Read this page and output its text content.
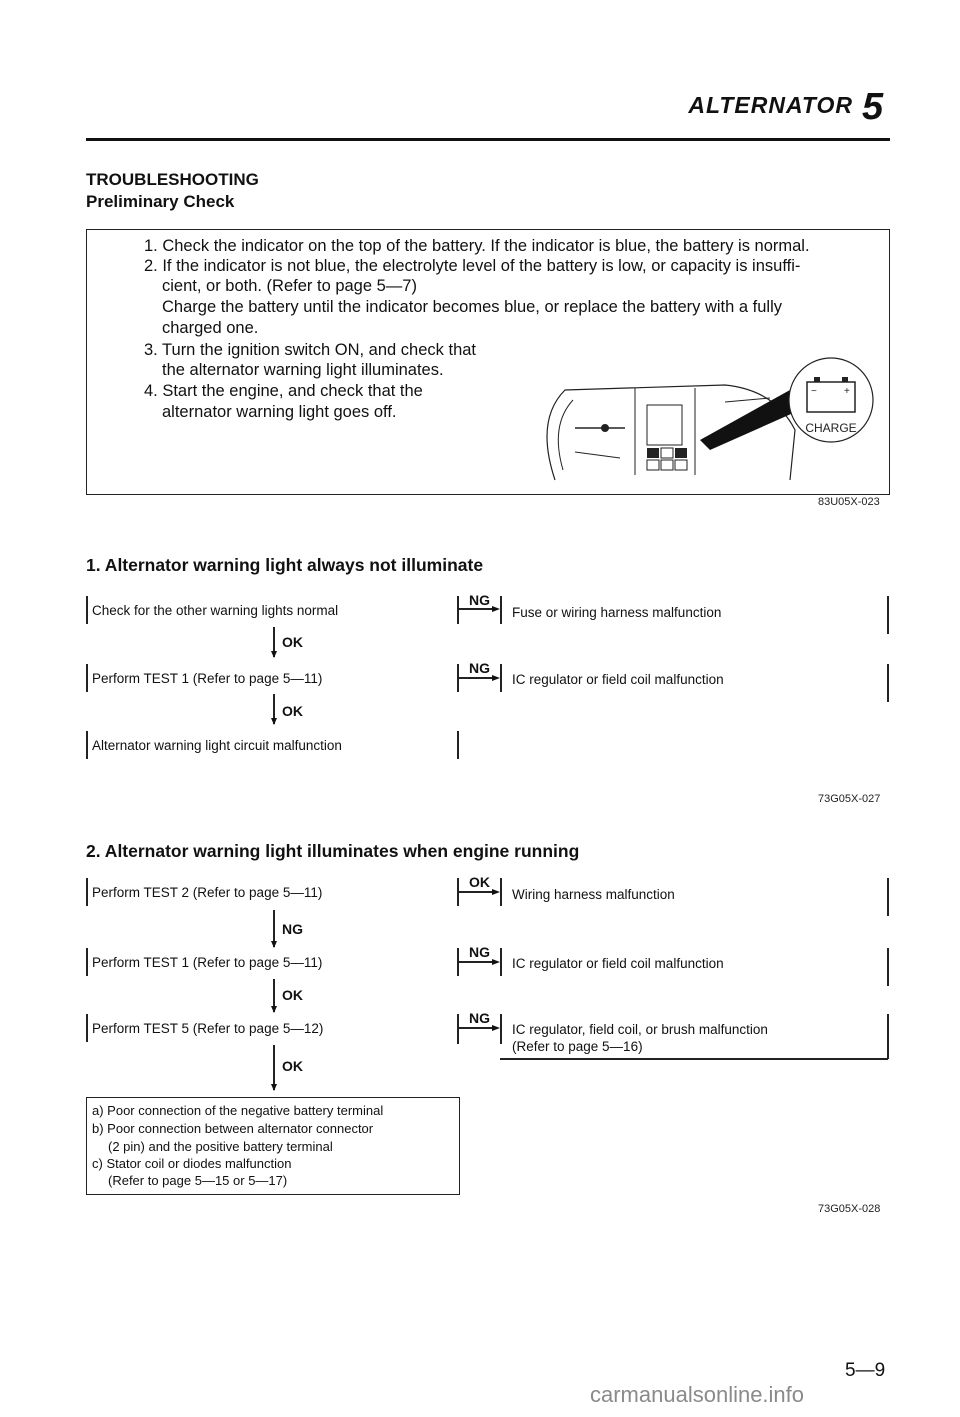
ALTERNATOR 5
TROUBLESHOOTING
Preliminary Check
1. Check the indicator on the top of the battery. If the indicator is blue, the battery is normal.
2. If the indicator is not blue, the electrolyte level of the battery is low, or capacity is insuffi-
cient, or both. (Refer to page 5—7)
Charge the battery until the indicator becomes blue, or replace the battery with a fully
charged one.
3. Turn the ignition switch ON, and check that
the alternator warning light illuminates.
4. Start the engine, and check that the
alternator warning light goes off.
−	+
CHARGE
83U05X-023
1. Alternator warning light always not illuminate
Check for the other warning lights normal
OK
Perform TEST 1 (Refer to page 5—11)
OK
Alternator warning light circuit malfunction
NG
Fuse or wiring harness malfunction
NG
IC regulator or field coil malfunction
73G05X-027
2. Alternator warning light illuminates when engine running
Perform TEST 2 (Refer to page 5—11)
NG
Perform TEST 1 (Refer to page 5—11)
OK
Perform TEST 5 (Refer to page 5—12)
OK
a) Poor connection of the negative battery terminal
b) Poor connection between alternator connector
(2 pin) and the positive battery terminal
c) Stator coil or diodes malfunction
(Refer to page 5—15 or 5—17)
OK
Wiring harness malfunction
NG
IC regulator or field coil malfunction
NG
IC regulator, field coil, or brush malfunction
(Refer to page 5—16)
73G05X-028
5—9
carmanualsonline.info
